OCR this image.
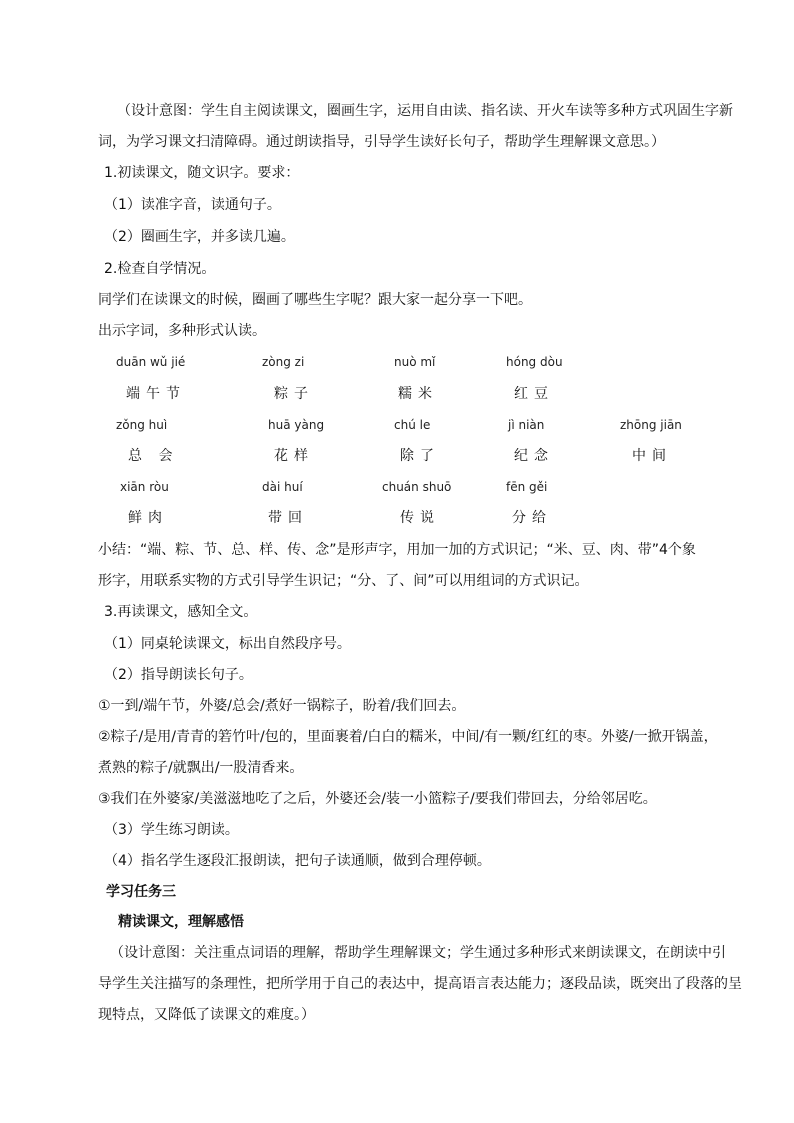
（设计意图：学生自主阅读课文，圈画生字，运用自由读、指名读、开火车读等多种方式巩固生字新
词，为学习课文扫清障碍。通过朗读指导，引导学生读好长句子，帮助学生理解课文意思。）
1.初读课文，随文识字。要求：
（1）读准字音，读通句子。
（2）圈画生字，并多读几遍。
2.检查自学情况。
同学们在读课文的时候，圈画了哪些生字呢？跟大家一起分享一下吧。
出示字词，多种形式认读。
duān wǔ jié
端午节
zòng zi
粽子
nuò mǐ
糯米
hóng dòu
红豆
zǒng huì
总 会
huā yàng
花样
chú le
除了
jì niàn
纪念
zhōng jiān
中间
xiān ròu
鲜肉
dài huí
带回
chuán shuō
传说
fēn gěi
分给
小结：“端、粽、节、总、样、传、念”是形声字，用加一加的方式识记；“米、豆、肉、带”4个象
形字，用联系实物的方式引导学生识记；“分、了、间”可以用组词的方式识记。
3.再读课文，感知全文。
（1）同桌轮读课文，标出自然段序号。
（2）指导朗读长句子。
①一到/端午节，外婆/总会/煮好一锅粽子，盼着/我们回去。
②粽子/是用/青青的箬竹叶/包的，里面裹着/白白的糯米，中间/有一颗/红红的枣。外婆/一掀开锅盖，
煮熟的粽子/就飘出/一股清香来。
③我们在外婆家/美滋滋地吃了之后，外婆还会/装一小篮粽子/要我们带回去，分给邻居吃。
（3）学生练习朗读。
（4）指名学生逐段汇报朗读，把句子读通顺，做到合理停顿。
学习任务三
精读课文，理解感悟
（设计意图：关注重点词语的理解，帮助学生理解课文；学生通过多种形式来朗读课文，在朗读中引
导学生关注描写的条理性，把所学用于自己的表达中，提高语言表达能力；逐段品读，既突出了段落的呈
现特点，又降低了读课文的难度。）
